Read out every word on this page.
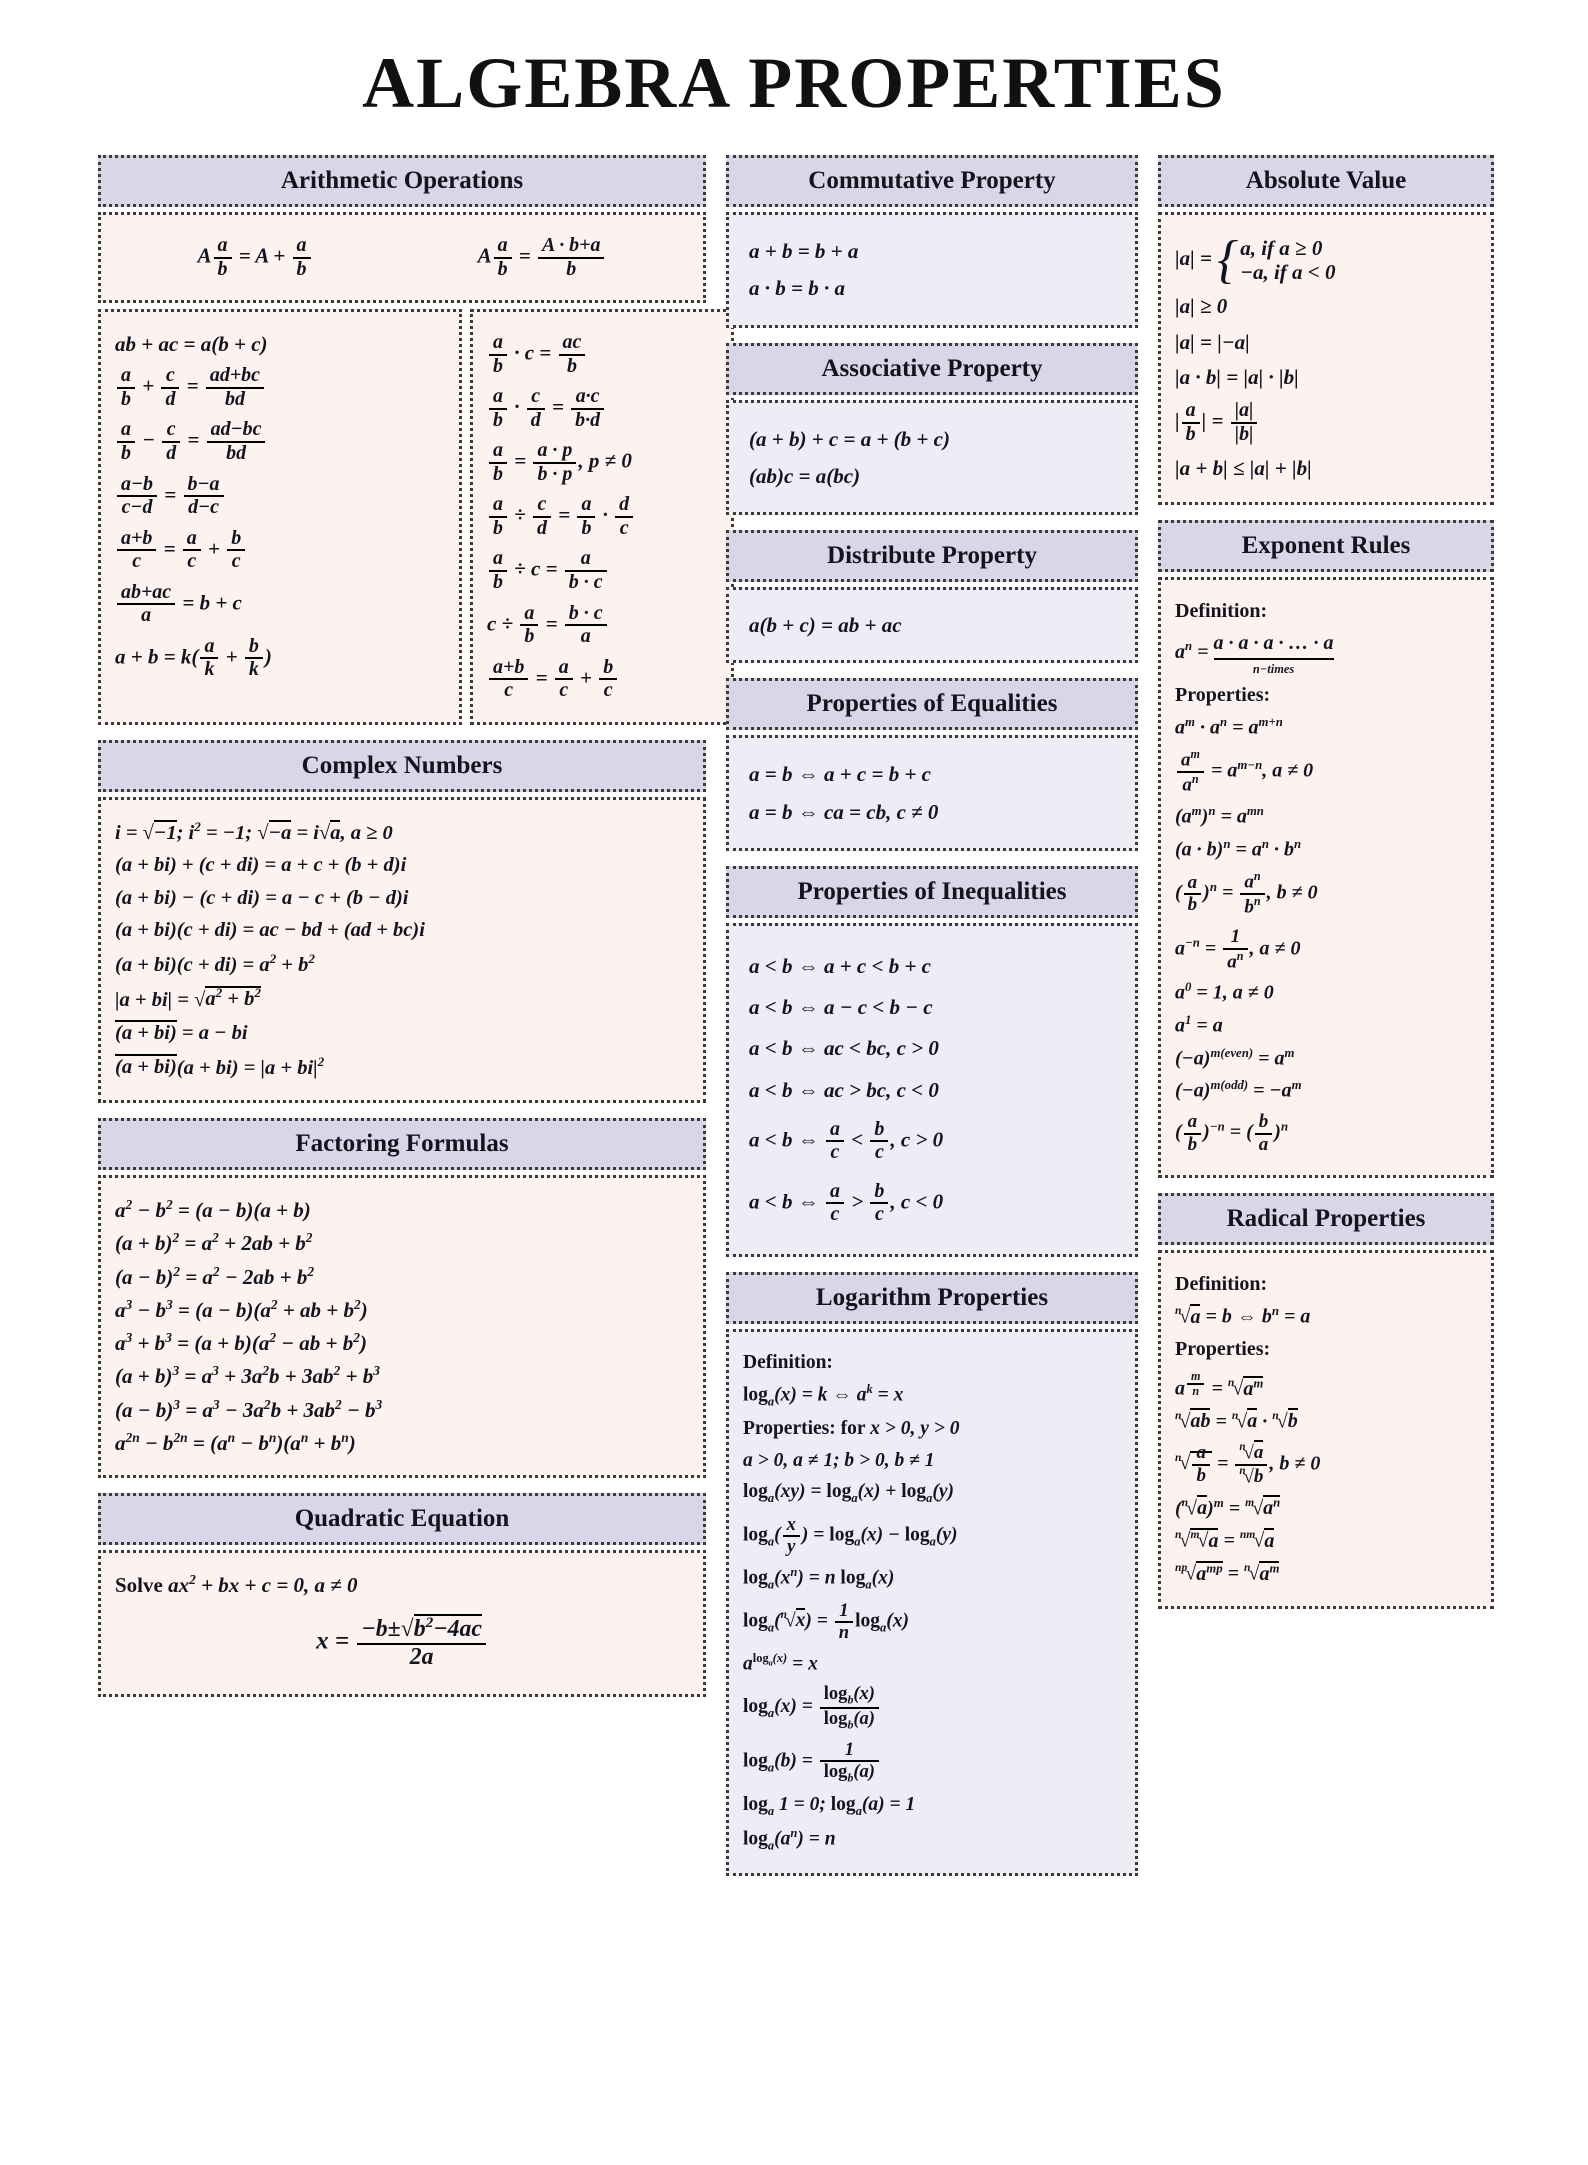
ALGEBRA PROPERTIES
Arithmetic Operations
A $\frac{a}{b} = A + \frac{a}{b}$	A $\frac{a}{b} = \frac{A \cdot b+a}{b}$
ab + ac = a(b + c)
$\frac{a}{b} + \frac{c}{d} = \frac{ad+bc}{bd}$
$\frac{a}{b} - \frac{c}{d} = \frac{ad-bc}{bd}$
$\frac{a-b}{c-d} = \frac{b-a}{d-c}$
$\frac{a+b}{c} = \frac{a}{c} + \frac{b}{c}$
$\frac{ab+ac}{a} = b + c$
$a + b = k( \frac{a}{k} + \frac{b}{k}$ )
$\frac{a}{b} \cdot c = \frac{ac}{b}$
$\frac{a}{b} \cdot \frac{c}{d} = \frac{a\cdot c}{b\cdot d}$
$\frac{a}{b} = \frac{a \cdot p}{b \cdot p}$ , p ≠ 0
$\frac{a}{b} \div \frac{c}{d} = \frac{a}{b} \cdot \frac{d}{c}$
$\frac{a}{b} \div c = \frac{a}{b \cdot c}$
$c \div \frac{a}{b} = \frac{b \cdot c}{a}$
$\frac{a+b}{c} = \frac{a}{c} + \frac{b}{c}$
Complex Numbers
i = √−1; $i^2 = -1$; √−a = i√a, a ≥ 0
(a + bi) + (c + di) = a + c + (b + d)i
(a + bi) − (c + di) = a − c + (b − d)i
(a + bi)(c + di) = ac − bd + (ad + bc)i
$(a + bi)(c + di) = a^2 + b^2$
$|a + bi| = √a^2 + b^2$
(a + bi) = a − bi
$(a + bi)(a + bi) = |a + bi|^2$
Factoring Formulas
$a^2 - b^2 = (a - b)(a + b)$
$(a + b)^2 = a^2 + 2ab + b^2$
$(a - b)^2 = a^2 - 2ab + b^2$
$a^3 - b^3 = (a - b)(a^2$ + ab + $b^2$)
$a^3 + b^3 = (a + b)(a^2$ − ab + $b^2$)
$(a + b)^3 = a^3 + 3a^2b + 3ab^2 + b^3$
$(a - b)^3 = a^3 - 3a^2b + 3ab^2 - b^3$
$a^{2n} - b^{2n} = (a^n - b^n)(a^n + b^n)$
Quadratic Equation
Solve $ax^2$ + bx + c = 0, a ≠ 0
$x = \frac{-b\pm√b^2-4ac}{2a}$
Commutative Property
a + b = b + a
a · b = b · a
Associative Property
(a + b) + c = a + (b + c)
(ab)c = a(bc)
Distribute Property
a(b + c) = ab + ac
Properties of Equalities
a = b ⇔ a + c = b + c
a = b ⇔ ca = cb, c ≠ 0
Properties of Inequalities
a < b ⇔ a + c < b + c
a < b ⇔ a − c < b − c
a < b ⇔ ac < bc, c > 0
a < b ⇔ ac > bc, c < 0
a < b ⇔ $\frac{a}{c} < \frac{b}{c}$ , c > 0
a < b ⇔ $\frac{a}{c} > \frac{b}{c}$ , c < 0
Logarithm Properties
Definition:
$\log_a(x) = k$ ⇔ $a^k = x$
Properties: for x > 0, y > 0
a > 0, a ≠ 1; b > 0, b ≠ 1
$\log_a(xy) = \log_a(x) + \log_a(y)$
$\log_a( \frac{x}{y}$ ) = $\log_a(x) - \log_a(y)$
$\log_a(x^n) = n$ $\log_a(x)$
$\log_a(^n√x) = \frac{1}{n} \log_a(x)$
$a^{log_a(x)} = x$
$\log_a(x) = \frac{\log_b(x)}{\log_b(a)}$
$\log_a(b) = \frac{1}{\log_b(a)}$
$\log_a 1 = 0$; $\log_a(a) = 1$
$\log_a(a^n) = n$
Absolute Value
|a| = { a, if a ≥ 0
−a, if a < 0
|a| ≥ 0
|a| = |−a|
|a · b| = |a| · |b|
| $\frac{a}{b}$ | = $\frac{|a|}{|b|}$
|a + b| ≤ |a| + |b|
Exponent Rules
Definition:
$a^n = a \cdot a \cdot a$ · … · a
n−times
Properties:
$a^m \cdot a^n = a^{m+n}$
$\frac{a^m}{a^n} = a^{m-n}$, a ≠ 0
$(a^m)^n = a^{mn}$
$(a \cdot b)^n = a^n \cdot b^n$
( $\frac{a}{b} )^n = \frac{a^n}{b^n}$ , b ≠ 0
$a^{-n} = \frac{1}{a^n}$ , a ≠ 0
$a^0 = 1$, a ≠ 0
$a^1 = a$
$(-a)^{m(even)} = a^m$
$(-a)^{m(odd)} = -a^m$
( $\frac{a}{b} )^{-n}$ = ( $\frac{b}{a} )^n$
Radical Properties
Definition:
$^n$√a = b ⇔ $b^n = a$
Properties:
a $^{\frac{m}{n}} = ^n√a^m$
$^n$√ab = $^n$√a · $^n$√b
$^n√ \frac{a}{b} = \frac{^n√a}{^n√b}$ , b ≠ 0
$(^n√a)^m = ^m√a^n$
$^n$√$^m$√a = $^{nm}$√a
$^{np}√a^{mp} = ^n√a^m$
